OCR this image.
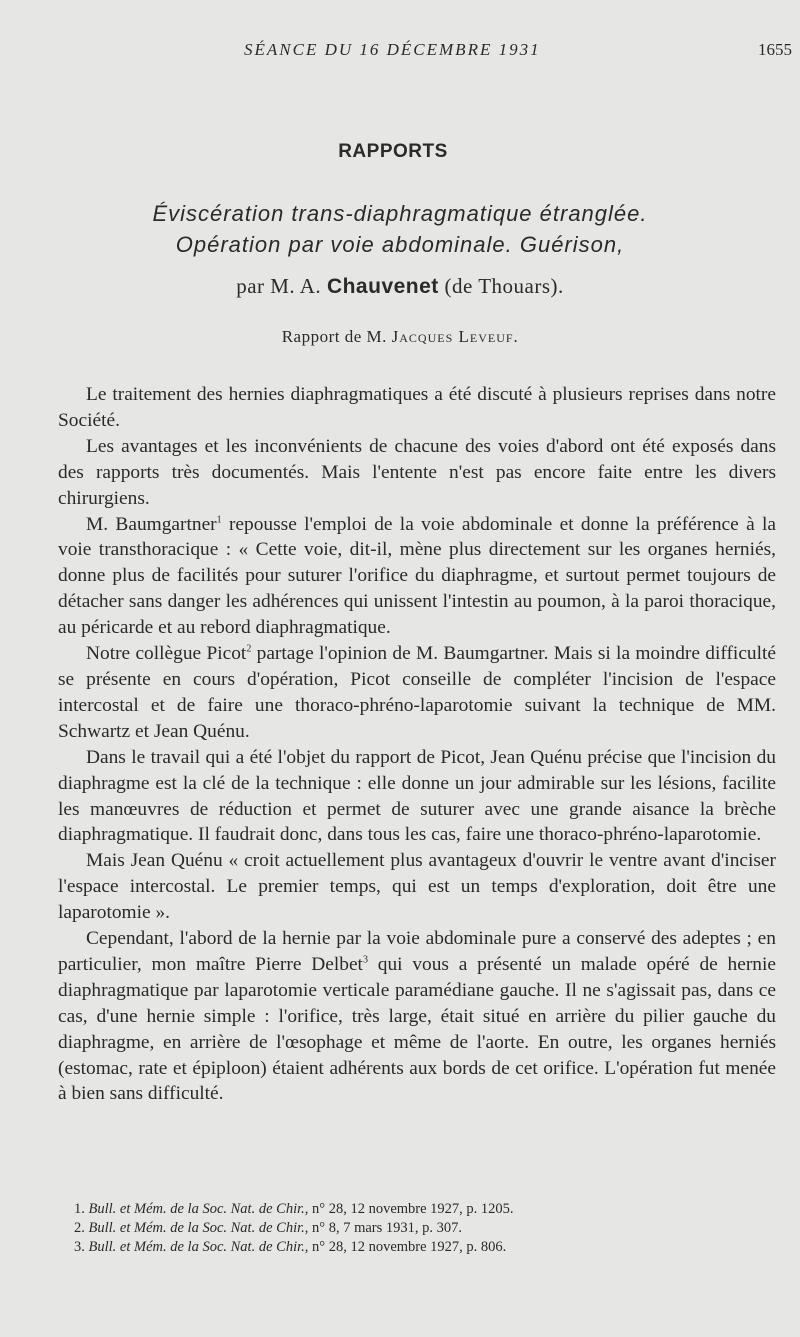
SÉANCE DU 16 DÉCEMBRE 1931	1655
RAPPORTS
Éviscération trans-diaphragmatique étranglée.
Opération par voie abdominale. Guérison,
par M. A. Chauvenet (de Thouars).
Rapport de M. Jacques Leveuf.

Le traitement des hernies diaphragmatiques a été discuté à plusieurs reprises dans notre Société.

Les avantages et les inconvénients de chacune des voies d'abord ont été exposés dans des rapports très documentés. Mais l'entente n'est pas encore faite entre les divers chirurgiens.

M. Baumgartner$^1$ repousse l'emploi de la voie abdominale et donne la préférence à la voie transthoracique : « Cette voie, dit-il, mène plus directement sur les organes herniés, donne plus de facilités pour suturer l'orifice du diaphragme, et surtout permet toujours de détacher sans danger les adhérences qui unissent l'intestin au poumon, à la paroi thoracique, au péricarde et au rebord diaphragmatique.

Notre collègue Picot$^2$ partage l'opinion de M. Baumgartner. Mais si la moindre difficulté se présente en cours d'opération, Picot conseille de compléter l'incision de l'espace intercostal et de faire une thoraco-phréno-laparotomie suivant la technique de MM. Schwartz et Jean Quénu.

Dans le travail qui a été l'objet du rapport de Picot, Jean Quénu précise que l'incision du diaphragme est la clé de la technique : elle donne un jour admirable sur les lésions, facilite les manœuvres de réduction et permet de suturer avec une grande aisance la brèche diaphragmatique. Il faudrait donc, dans tous les cas, faire une thoraco-phréno-laparotomie.

Mais Jean Quénu « croit actuellement plus avantageux d'ouvrir le ventre avant d'inciser l'espace intercostal. Le premier temps, qui est un temps d'exploration, doit être une laparotomie ».

Cependant, l'abord de la hernie par la voie abdominale pure a conservé des adeptes ; en particulier, mon maître Pierre Delbet$^3$ qui vous a présenté un malade opéré de hernie diaphragmatique par laparotomie verticale paramédiane gauche. Il ne s'agissait pas, dans ce cas, d'une hernie simple : l'orifice, très large, était situé en arrière du pilier gauche du diaphragme, en arrière de l'œsophage et même de l'aorte. En outre, les organes herniés (estomac, rate et épiploon) étaient adhérents aux bords de cet orifice. L'opération fut menée à bien sans difficulté.

1. Bull. et Mém. de la Soc. Nat. de Chir., n° 28, 12 novembre 1927, p. 1205.
2. Bull. et Mém. de la Soc. Nat. de Chir., n° 8, 7 mars 1931, p. 307.
3. Bull. et Mém. de la Soc. Nat. de Chir., n° 28, 12 novembre 1927, p. 806.
